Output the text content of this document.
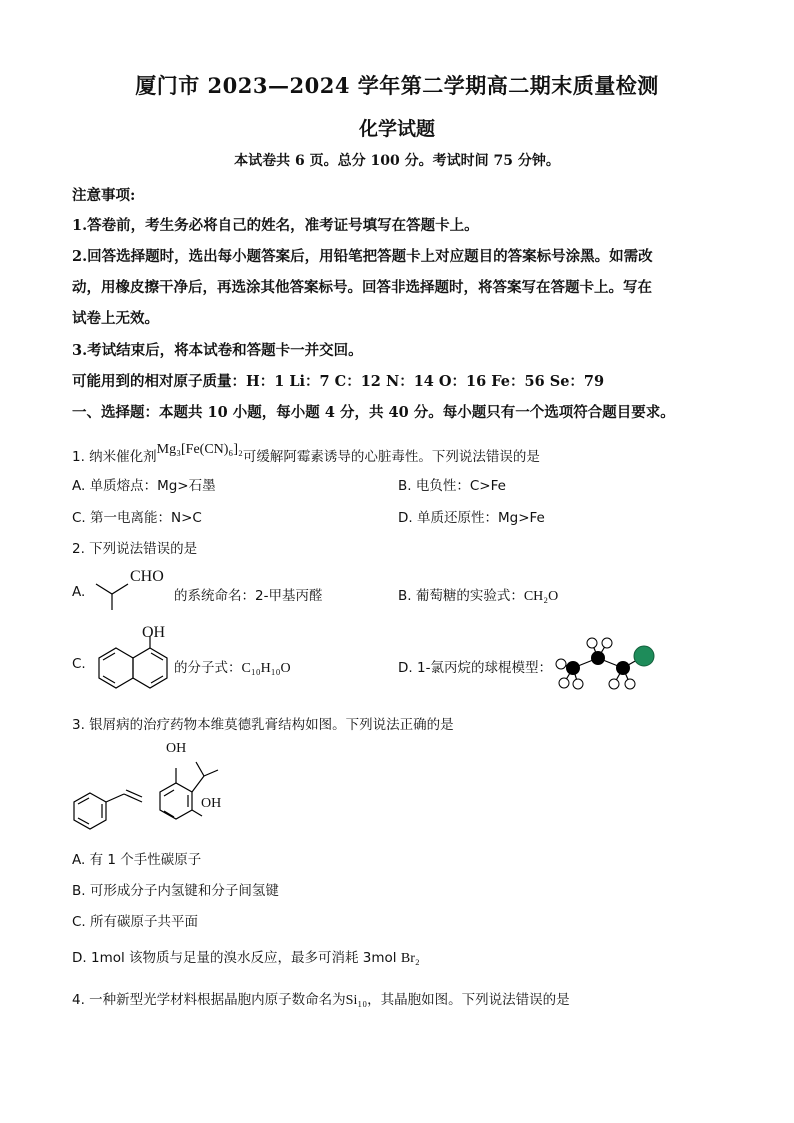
厦门市 2023—2024 学年第二学期高二期末质量检测
化学试题
本试卷共 6 页。总分 100 分。考试时间 75 分钟。
注意事项:
1.答卷前，考生务必将自己的姓名，准考证号填写在答题卡上。
2.回答选择题时，选出每小题答案后，用铅笔把答题卡上对应题目的答案标号涂黑。如需改
动，用橡皮擦干净后，再选涂其他答案标号。回答非选择题时，将答案写在答题卡上。写在
试卷上无效。
3.考试结束后，将本试卷和答题卡一并交回。
可能用到的相对原子质量：H：1 Li：7 C：12 N：14 O：16 Fe：56 Se：79
一、选择题：本题共 10 小题，每小题 4 分，共 40 分。每小题只有一个选项符合题目要求。
1. 纳米催化剂Mg₃[Fe(CN)₆]₂可缓解阿霉素诱导的心脏毒性。下列说法错误的是
A. 单质熔点：Mg>石墨	B. 电负性：C>Fe
C. 第一电离能：N>C	D. 单质还原性：Mg>Fe
2. 下列说法错误的是
A.
CHO
的系统命名：2-甲基丙醛	B. 葡萄糖的实验式：CH₂O
C.
OH
的分子式：C₁₀H₁₀O	D. 1-氯丙烷的球棍模型：
3. 银屑病的治疗药物本维莫德乳膏结构如图。下列说法正确的是
OH
OH
A. 有 1 个手性碳原子
B. 可形成分子内氢键和分子间氢键
C. 所有碳原子共平面
D. 1mol 该物质与足量的溴水反应，最多可消耗 3mol Br₂
4. 一种新型光学材料根据晶胞内原子数命名为Si₁₀，其晶胞如图。下列说法错误的是
